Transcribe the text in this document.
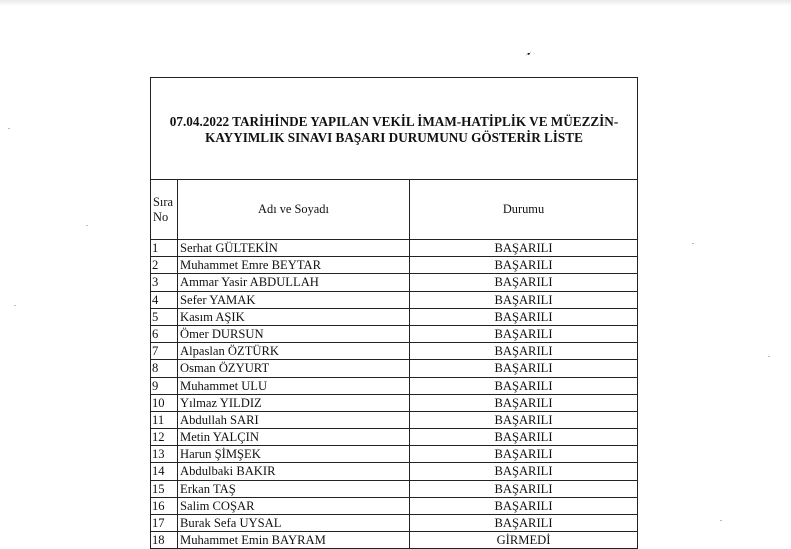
07.04.2022 TARİHİNDE YAPILAN VEKİL İMAM-HATİPLİK VE MÜEZZİN-
KAYYIMLIK SINAVI BAŞARI DURUMUNU GÖSTERİR LİSTE
Sıra
No
Adı ve Soyadı	Durumu
1	Serhat GÜLTEKİN	BAŞARILI
2	Muhammet Emre BEYTAR	BAŞARILI
3	Ammar Yasir ABDULLAH	BAŞARILI
4	Sefer YAMAK	BAŞARILI
5	Kasım AŞIK	BAŞARILI
6	Ömer DURSUN	BAŞARILI
7	Alpaslan ÖZTÜRK	BAŞARILI
8	Osman ÖZYURT	BAŞARILI
9	Muhammet ULU	BAŞARILI
10	Yılmaz YILDIZ	BAŞARILI
11	Abdullah SARI	BAŞARILI
12	Metin YALÇIN	BAŞARILI
13	Harun ŞİMŞEK	BAŞARILI
14	Abdulbaki BAKIR	BAŞARILI
15	Erkan TAŞ	BAŞARILI
16	Salim COŞAR	BAŞARILI
17	Burak Sefa UYSAL	BAŞARILI
18	Muhammet Emin BAYRAM	GİRMEDİ
